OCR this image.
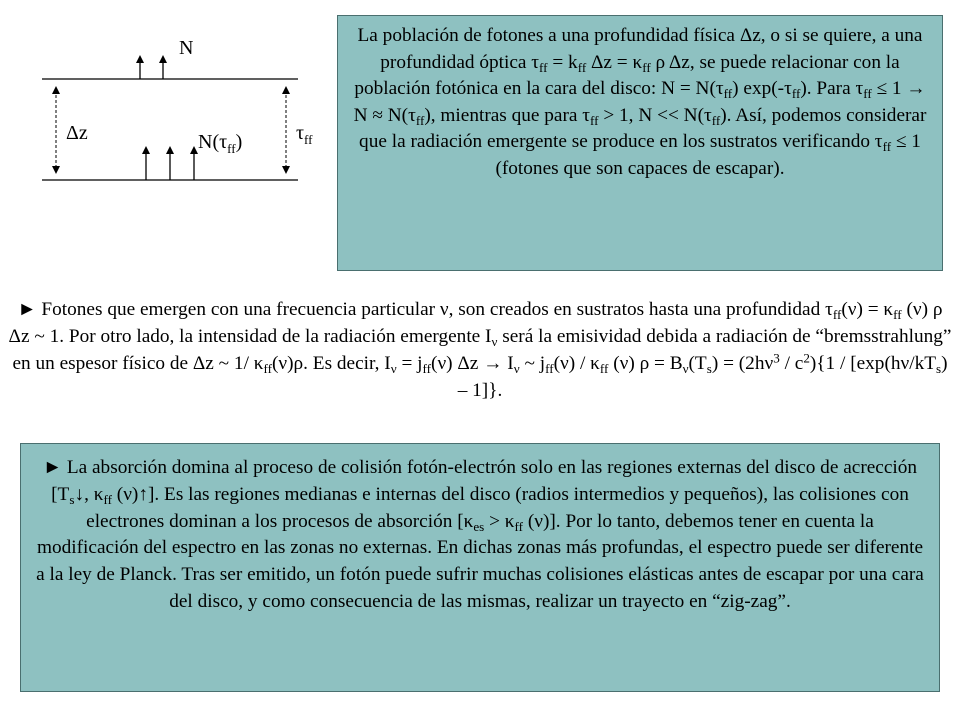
N
Δz	$N(\tau_{ff})$	$\tau_{ff}$

La población de fotones a una profundidad física Δz, o si se quiere, a una profundidad óptica $\tau_{ff} = k_{ff}$ $\Delta z = \kappa_{ff}$ ρ Δz, se puede relacionar con la población fotónica en la cara del disco: $N = N(\tau_{ff})$ $\exp(-\tau_{ff})$. Para $\tau_{ff} \le 1 \to N \approx N(\tau_{ff})$, mientras que para $\tau_{ff} > 1$, $N << N(\tau_{ff})$. Así, podemos considerar que la radiación emergente se produce en los sustratos verificando $\tau_{ff} \le 1$ (fotones que son capaces de escapar).

► Fotones que emergen con una frecuencia particular ν, son creados en sustratos hasta una profundidad $\tau_{ff}(\nu) = \kappa_{ff}$ (ν) ρ Δz ~ 1. Por otro lado, la intensidad de la radiación emergente $I_\nu$ será la emisividad debida a radiación de “bremsstrahlung” en un espesor físico de Δz ~ 1/ $\kappa_{ff}(\nu)\rho$. Es decir, $I_\nu = j_{ff}(\nu) \Delta z \to I_\nu$ ~ $j_{ff}(\nu) / \kappa_{ff}$ (ν) $\rho = B_\nu(T_s) = (2h\nu^3 / c^2)\{1 / [\exp(h\nu/kT_s) - 1]\}$.

► La absorción domina al proceso de colisión fotón-electrón solo en las regiones externas del disco de acrección [$T_s↓$, $\kappa_{ff}$ (ν)↑]. Es las regiones medianas e internas del disco (radios intermedios y pequeños), las colisiones con electrones dominan a los procesos de absorción [$\kappa_{es} > \kappa_{ff}$ (ν)]. Por lo tanto, debemos tener en cuenta la modificación del espectro en las zonas no externas. En dichas zonas más profundas, el espectro puede ser diferente a la ley de Planck. Tras ser emitido, un fotón puede sufrir muchas colisiones elásticas antes de escapar por una cara del disco, y como consecuencia de las mismas, realizar un trayecto en “zig-zag”.
